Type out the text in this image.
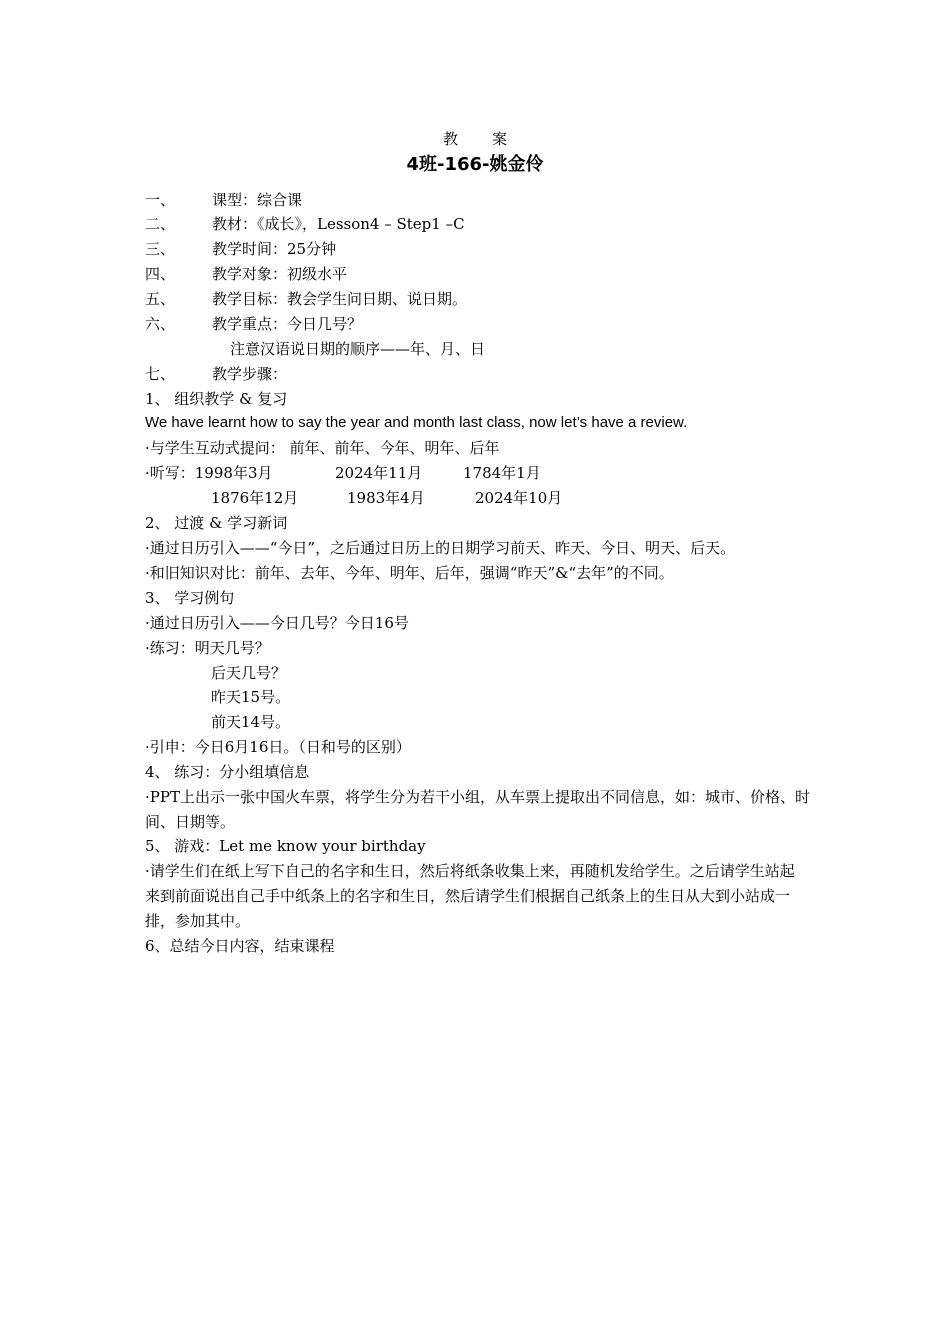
教 案
4班-166-姚金伶
一、 课型：综合课
二、 教材：《成长》，Lesson4 – Step1 –C
三、 教学时间：25分钟
四、 教学对象：初级水平
五、 教学目标：教会学生问日期、说日期。
六、 教学重点：今日几号？
注意汉语说日期的顺序——年、月、日
七、 教学步骤：
1、 组织教学 & 复习
We have learnt how to say the year and month last class, now let’s have a review.
·与学生互动式提问： 前年、前年、今年、明年、后年
·听写：1998年3月	2024年11月	1784年1月
1876年12月	1983年4月	2024年10月
2、 过渡 & 学习新词
·通过日历引入——“今日”，之后通过日历上的日期学习前天、昨天、今日、明天、后天。
·和旧知识对比：前年、去年、今年、明年、后年，强调“昨天”&“去年”的不同。
3、 学习例句
·通过日历引入——今日几号？今日16号
·练习：明天几号？
后天几号？
昨天15号。
前天14号。
·引申：今日6月16日。（日和号的区别）
4、 练习：分小组填信息
·PPT上出示一张中国火车票，将学生分为若干小组，从车票上提取出不同信息，如：城市、价格、时间、日期等。
5、 游戏：Let me know your birthday
·请学生们在纸上写下自己的名字和生日，然后将纸条收集上来，再随机发给学生。之后请学生站起来到前面说出自己手中纸条上的名字和生日，然后请学生们根据自己纸条上的生日从大到小站成一排，参加其中。
6、总结今日内容，结束课程
